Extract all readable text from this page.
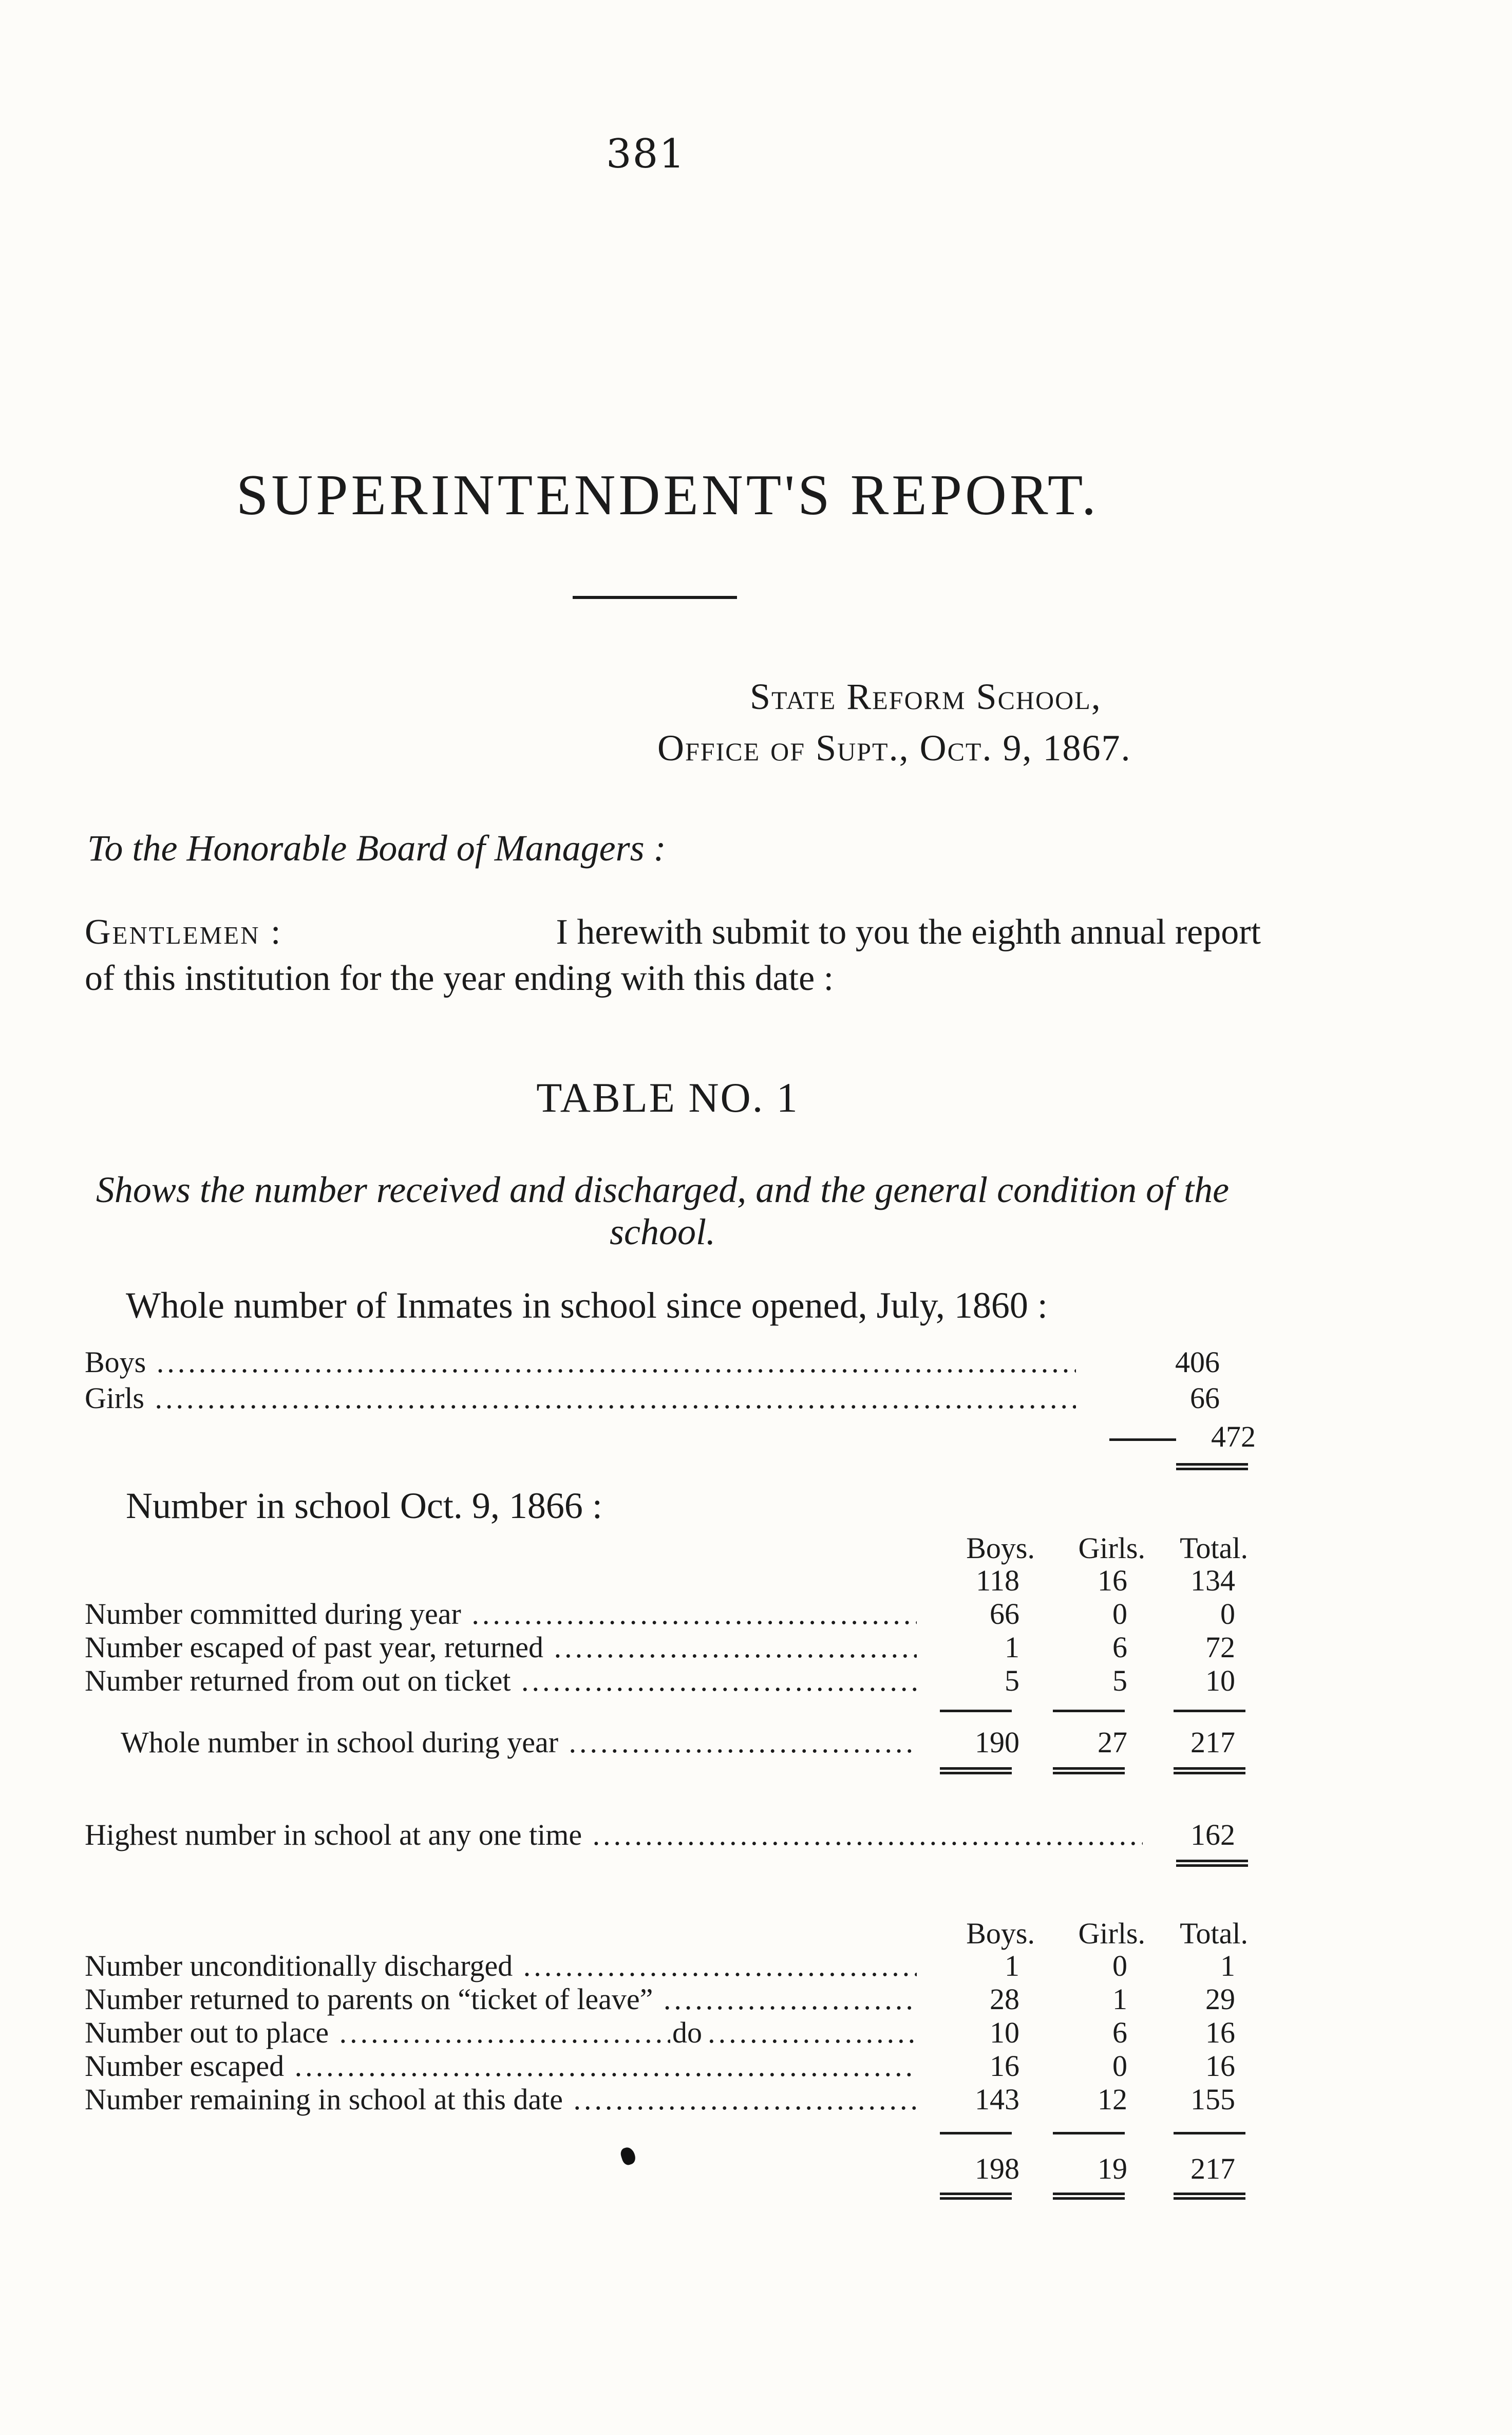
381
SUPERINTENDENT'S REPORT.
State Reform School,
Office of Supt., Oct. 9, 1867.
To the Honorable Board of Managers :
Gentlemen :	I herewith submit to you the eighth annual report
of this institution for the year ending with this date :
TABLE NO. 1
Shows the number received and discharged, and the general condition of the school.
Whole number of Inmates in school since opened, July, 1860 :
Boys .....	406
Girls .....	66
472
Number in school Oct. 9, 1866 :
Boys.	Girls.	Total.
118	16	134
Number committed during year .....	66	0	0
Number escaped of past year, returned .....	1	6	72
Number returned from out on ticket .....	5	5	10
Whole number in school during year .....	190	27	217
Highest number in school at any one time .....	162
Boys.	Girls.	Total.
Number unconditionally discharged .....	1	0	1
Number returned to parents on “ticket of leave” .....	28	1	29
Number out to place .....	do	10	6	16
Number escaped .....	16	0	16
Number remaining in school at this date .....	143	12	155
198	19	217
